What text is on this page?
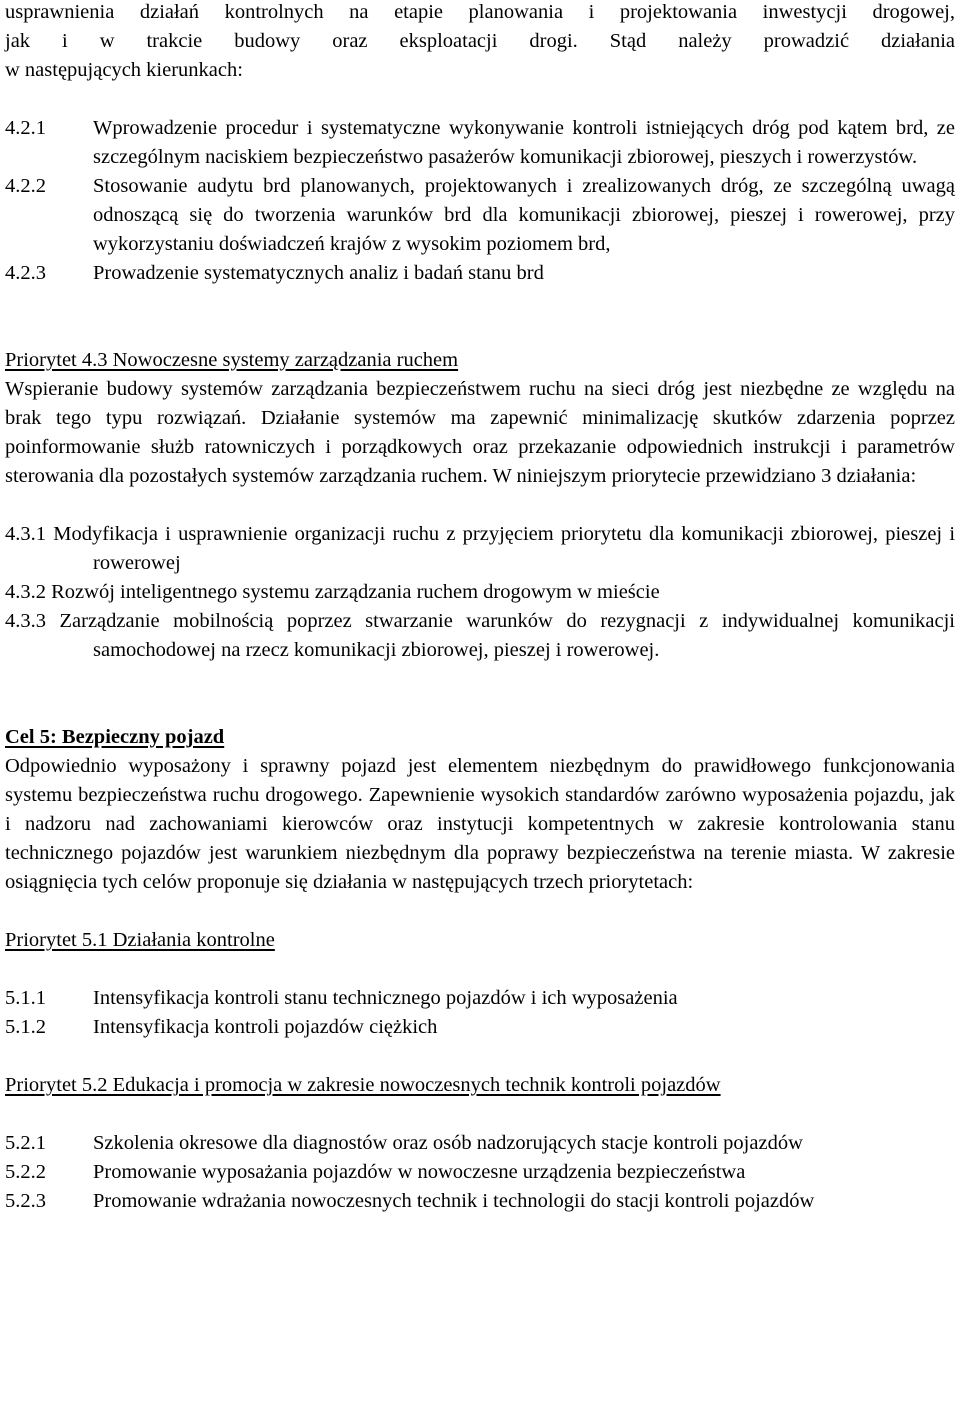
usprawnienia działań kontrolnych na etapie planowania i projektowania inwestycji drogowej,

jak i w trakcie budowy oraz eksploatacji drogi. Stąd należy prowadzić działania

w następujących kierunkach:

4.2.1	Wprowadzenie procedur i systematyczne wykonywanie kontroli istniejących dróg pod kątem brd, ze szczególnym naciskiem bezpieczeństwo pasażerów komunikacji zbiorowej, pieszych i rowerzystów.
4.2.2	Stosowanie audytu brd planowanych, projektowanych i zrealizowanych dróg, ze szczególną uwagą odnoszącą się do tworzenia warunków brd dla komunikacji zbiorowej, pieszej i rowerowej, przy wykorzystaniu doświadczeń krajów z wysokim poziomem brd,
4.2.3	Prowadzenie systematycznych analiz i badań stanu brd

Priorytet 4.3 Nowoczesne systemy zarządzania ruchem

Wspieranie budowy systemów zarządzania bezpieczeństwem ruchu na sieci dróg jest niezbędne ze względu na brak tego typu rozwiązań. Działanie systemów ma zapewnić minimalizację skutków zdarzenia poprzez poinformowanie służb ratowniczych i porządkowych oraz przekazanie odpowiednich instrukcji i parametrów sterowania dla pozostałych systemów zarządzania ruchem. W niniejszym priorytecie przewidziano 3 działania:

4.3.1 Modyfikacja i usprawnienie organizacji ruchu z przyjęciem priorytetu dla komunikacji zbiorowej, pieszej i rowerowej

4.3.2 Rozwój inteligentnego systemu zarządzania ruchem drogowym w mieście

4.3.3 Zarządzanie mobilnością poprzez stwarzanie warunków do rezygnacji z indywidualnej komunikacji samochodowej na rzecz komunikacji zbiorowej, pieszej i rowerowej.

Cel 5: Bezpieczny pojazd

Odpowiednio wyposażony i sprawny pojazd jest elementem niezbędnym do prawidłowego funkcjonowania systemu bezpieczeństwa ruchu drogowego. Zapewnienie wysokich standardów zarówno wyposażenia pojazdu, jak i nadzoru nad zachowaniami kierowców oraz instytucji kompetentnych w zakresie kontrolowania stanu technicznego pojazdów jest warunkiem niezbędnym dla poprawy bezpieczeństwa na terenie miasta. W zakresie osiągnięcia tych celów proponuje się działania w następujących trzech priorytetach:

Priorytet 5.1 Działania kontrolne

5.1.1	Intensyfikacja kontroli stanu technicznego pojazdów i ich wyposażenia
5.1.2	Intensyfikacja kontroli pojazdów ciężkich

Priorytet 5.2 Edukacja i promocja w zakresie nowoczesnych technik kontroli pojazdów

5.2.1	Szkolenia okresowe dla diagnostów oraz osób nadzorujących stacje kontroli pojazdów
5.2.2	Promowanie wyposażania pojazdów w nowoczesne urządzenia bezpieczeństwa
5.2.3	Promowanie wdrażania nowoczesnych technik i technologii do stacji kontroli pojazdów
